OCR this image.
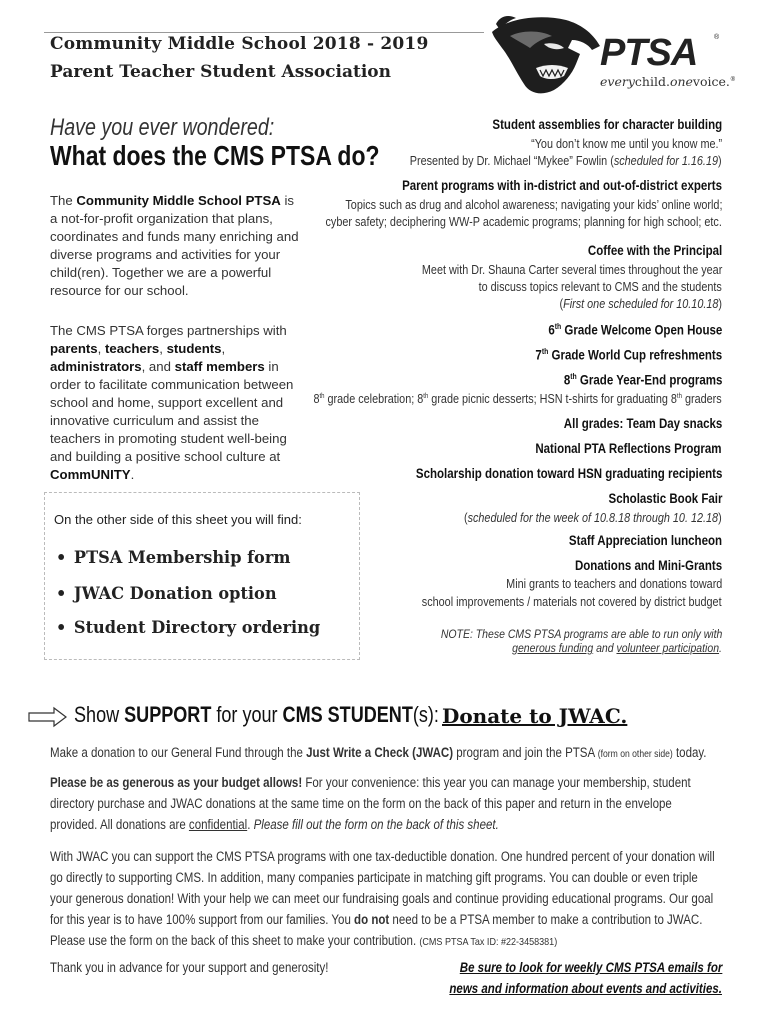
Community Middle School 2018 - 2019
Parent Teacher Student Association	PTSA ®
everychild.onevoice.®
Have you ever wondered:
What does the CMS PTSA do?
The Community Middle School PTSA is a not-for-profit organization that plans, coordinates and funds many enriching and diverse programs and activities for your child(ren). Together we are a powerful resource for our school.
The CMS PTSA forges partnerships with parents, teachers, students, administrators, and staff members in order to facilitate communication between school and home, support excellent and innovative curriculum and assist the teachers in promoting student well-being and building a positive school culture at CommUNITY.
On the other side of this sheet you will find:
• PTSA Membership form
• JWAC Donation option
• Student Directory ordering
Student assemblies for character building
“You don’t know me until you know me.”
Presented by Dr. Michael “Mykee” Fowlin (scheduled for 1.16.19)
Parent programs with in-district and out-of-district experts
Topics such as drug and alcohol awareness; navigating your kids’ online world;
cyber safety; deciphering WW-P academic programs; planning for high school; etc.
Coffee with the Principal
Meet with Dr. Shauna Carter several times throughout the year
to discuss topics relevant to CMS and the students
(First one scheduled for 10.10.18)
6th Grade Welcome Open House
7th Grade World Cup refreshments
8th Grade Year-End programs
8th grade celebration; 8th grade picnic desserts; HSN t-shirts for graduating 8th graders
All grades: Team Day snacks
National PTA Reflections Program
Scholarship donation toward HSN graduating recipients
Scholastic Book Fair
(scheduled for the week of 10.8.18 through 10. 12.18)
Staff Appreciation luncheon
Donations and Mini-Grants
Mini grants to teachers and donations toward
school improvements / materials not covered by district budget
NOTE: These CMS PTSA programs are able to run only with
generous funding and volunteer participation.
Show SUPPORT for your CMS STUDENT(s): Donate to JWAC.
Make a donation to our General Fund through the Just Write a Check (JWAC) program and join the PTSA (form on other side) today.
Please be as generous as your budget allows! For your convenience: this year you can manage your membership, student directory purchase and JWAC donations at the same time on the form on the back of this paper and return in the envelope provided. All donations are confidential. Please fill out the form on the back of this sheet.
With JWAC you can support the CMS PTSA programs with one tax-deductible donation. One hundred percent of your donation will go directly to supporting CMS. In addition, many companies participate in matching gift programs. You can double or even triple your generous donation! With your help we can meet our fundraising goals and continue providing educational programs. Our goal for this year is to have 100% support from our families. You do not need to be a PTSA member to make a contribution to JWAC. Please use the form on the back of this sheet to make your contribution. (CMS PTSA Tax ID: #22-3458381)
Thank you in advance for your support and generosity!	Be sure to look for weekly CMS PTSA emails for
news and information about events and activities.
